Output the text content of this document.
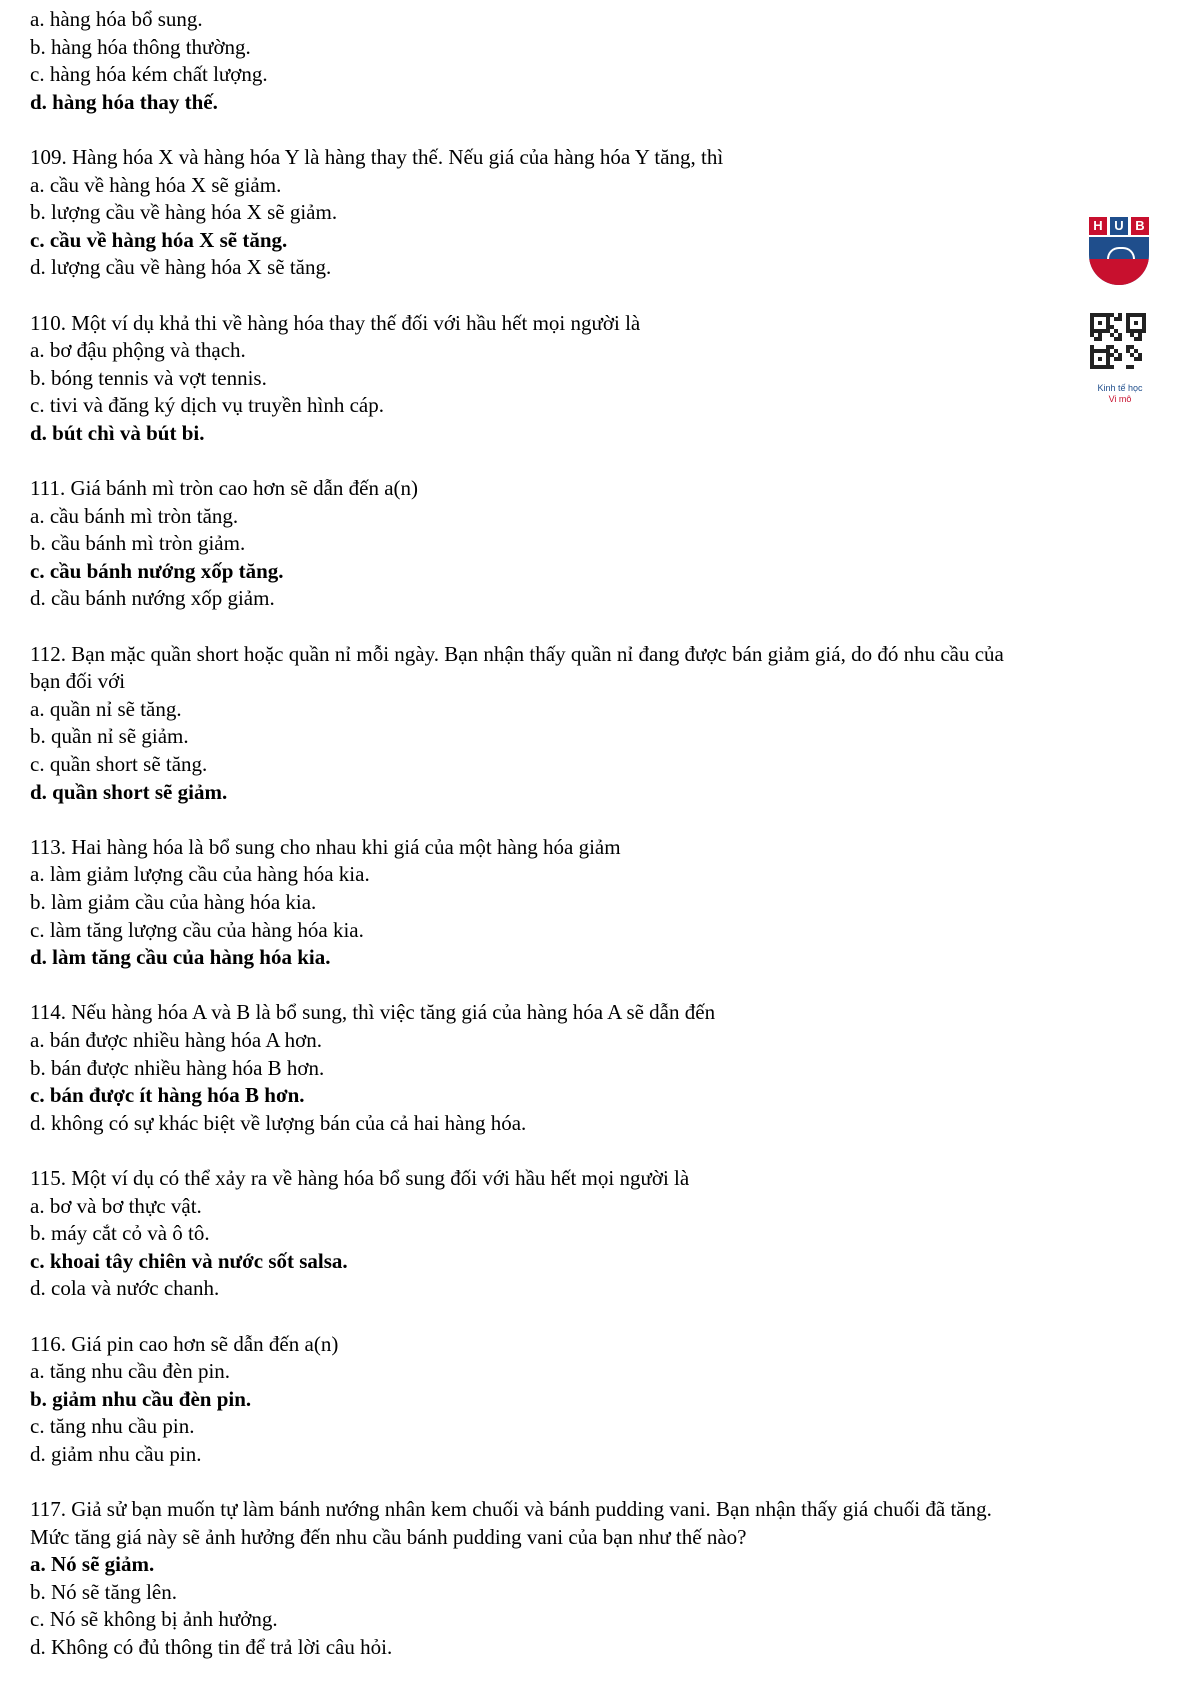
a. hàng hóa bổ sung.
b. hàng hóa thông thường.
c. hàng hóa kém chất lượng.
d. hàng hóa thay thế.
109. Hàng hóa X và hàng hóa Y là hàng thay thế. Nếu giá của hàng hóa Y tăng, thì
a. cầu về hàng hóa X sẽ giảm.
b. lượng cầu về hàng hóa X sẽ giảm.
c. cầu về hàng hóa X sẽ tăng.
d. lượng cầu về hàng hóa X sẽ tăng.
110. Một ví dụ khả thi về hàng hóa thay thế đối với hầu hết mọi người là
a. bơ đậu phộng và thạch.
b. bóng tennis và vợt tennis.
c. tivi và đăng ký dịch vụ truyền hình cáp.
d. bút chì và bút bi.
111. Giá bánh mì tròn cao hơn sẽ dẫn đến a(n)
a. cầu bánh mì tròn tăng.
b. cầu bánh mì tròn giảm.
c. cầu bánh nướng xốp tăng.
d. cầu bánh nướng xốp giảm.
112. Bạn mặc quần short hoặc quần nỉ mỗi ngày. Bạn nhận thấy quần nỉ đang được bán giảm giá, do đó nhu cầu của
bạn đối với
a. quần nỉ sẽ tăng.
b. quần nỉ sẽ giảm.
c. quần short sẽ tăng.
d. quần short sẽ giảm.
113. Hai hàng hóa là bổ sung cho nhau khi giá của một hàng hóa giảm
a. làm giảm lượng cầu của hàng hóa kia.
b. làm giảm cầu của hàng hóa kia.
c. làm tăng lượng cầu của hàng hóa kia.
d. làm tăng cầu của hàng hóa kia.
114. Nếu hàng hóa A và B là bổ sung, thì việc tăng giá của hàng hóa A sẽ dẫn đến
a. bán được nhiều hàng hóa A hơn.
b. bán được nhiều hàng hóa B hơn.
c. bán được ít hàng hóa B hơn.
d. không có sự khác biệt về lượng bán của cả hai hàng hóa.
115. Một ví dụ có thể xảy ra về hàng hóa bổ sung đối với hầu hết mọi người là
a. bơ và bơ thực vật.
b. máy cắt cỏ và ô tô.
c. khoai tây chiên và nước sốt salsa.
d. cola và nước chanh.
116. Giá pin cao hơn sẽ dẫn đến a(n)
a. tăng nhu cầu đèn pin.
b. giảm nhu cầu đèn pin.
c. tăng nhu cầu pin.
d. giảm nhu cầu pin.
117. Giả sử bạn muốn tự làm bánh nướng nhân kem chuối và bánh pudding vani. Bạn nhận thấy giá chuối đã tăng.
Mức tăng giá này sẽ ảnh hưởng đến nhu cầu bánh pudding vani của bạn như thế nào?
a. Nó sẽ giảm.
b. Nó sẽ tăng lên.
c. Nó sẽ không bị ảnh hưởng.
d. Không có đủ thông tin để trả lời câu hỏi.
H U B
Kinh tế học
Vi mô
